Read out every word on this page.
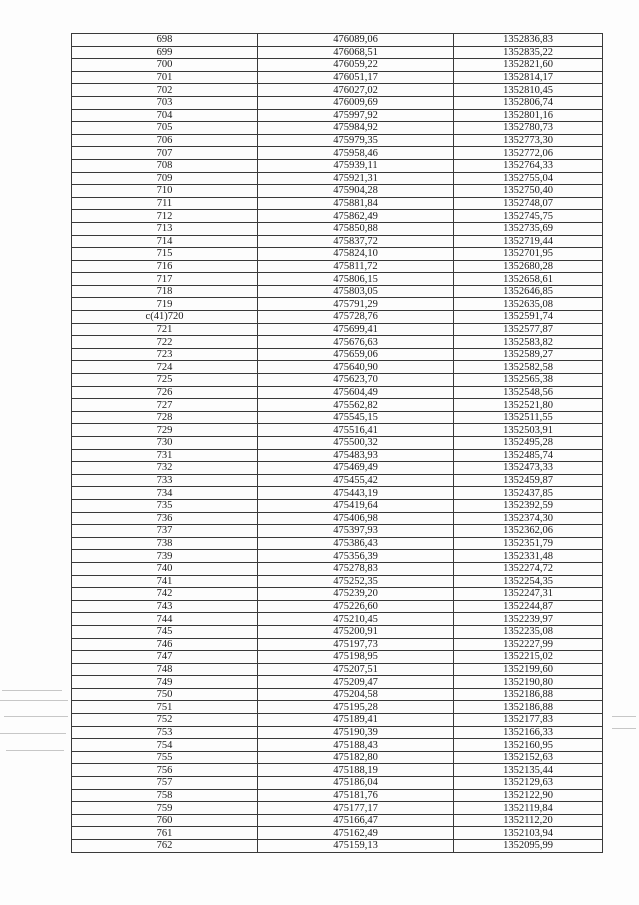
698	476089,06	1352836,83
699	476068,51	1352835,22
700	476059,22	1352821,60
701	476051,17	1352814,17
702	476027,02	1352810,45
703	476009,69	1352806,74
704	475997,92	1352801,16
705	475984,92	1352780,73
706	475979,35	1352773,30
707	475958,46	1352772,06
708	475939,11	1352764,33
709	475921,31	1352755,04
710	475904,28	1352750,40
711	475881,84	1352748,07
712	475862,49	1352745,75
713	475850,88	1352735,69
714	475837,72	1352719,44
715	475824,10	1352701,95
716	475811,72	1352680,28
717	475806,15	1352658,61
718	475803,05	1352646,85
719	475791,29	1352635,08
c(41)720	475728,76	1352591,74
721	475699,41	1352577,87
722	475676,63	1352583,82
723	475659,06	1352589,27
724	475640,90	1352582,58
725	475623,70	1352565,38
726	475604,49	1352548,56
727	475562,82	1352521,80
728	475545,15	1352511,55
729	475516,41	1352503,91
730	475500,32	1352495,28
731	475483,93	1352485,74
732	475469,49	1352473,33
733	475455,42	1352459,87
734	475443,19	1352437,85
735	475419,64	1352392,59
736	475406,98	1352374,30
737	475397,93	1352362,06
738	475386,43	1352351,79
739	475356,39	1352331,48
740	475278,83	1352274,72
741	475252,35	1352254,35
742	475239,20	1352247,31
743	475226,60	1352244,87
744	475210,45	1352239,97
745	475200,91	1352235,08
746	475197,73	1352227,99
747	475198,95	1352215,02
748	475207,51	1352199,60
749	475209,47	1352190,80
750	475204,58	1352186,88
751	475195,28	1352186,88
752	475189,41	1352177,83
753	475190,39	1352166,33
754	475188,43	1352160,95
755	475182,80	1352152,63
756	475188,19	1352135,44
757	475186,04	1352129,63
758	475181,76	1352122,90
759	475177,17	1352119,84
760	475166,47	1352112,20
761	475162,49	1352103,94
762	475159,13	1352095,99
